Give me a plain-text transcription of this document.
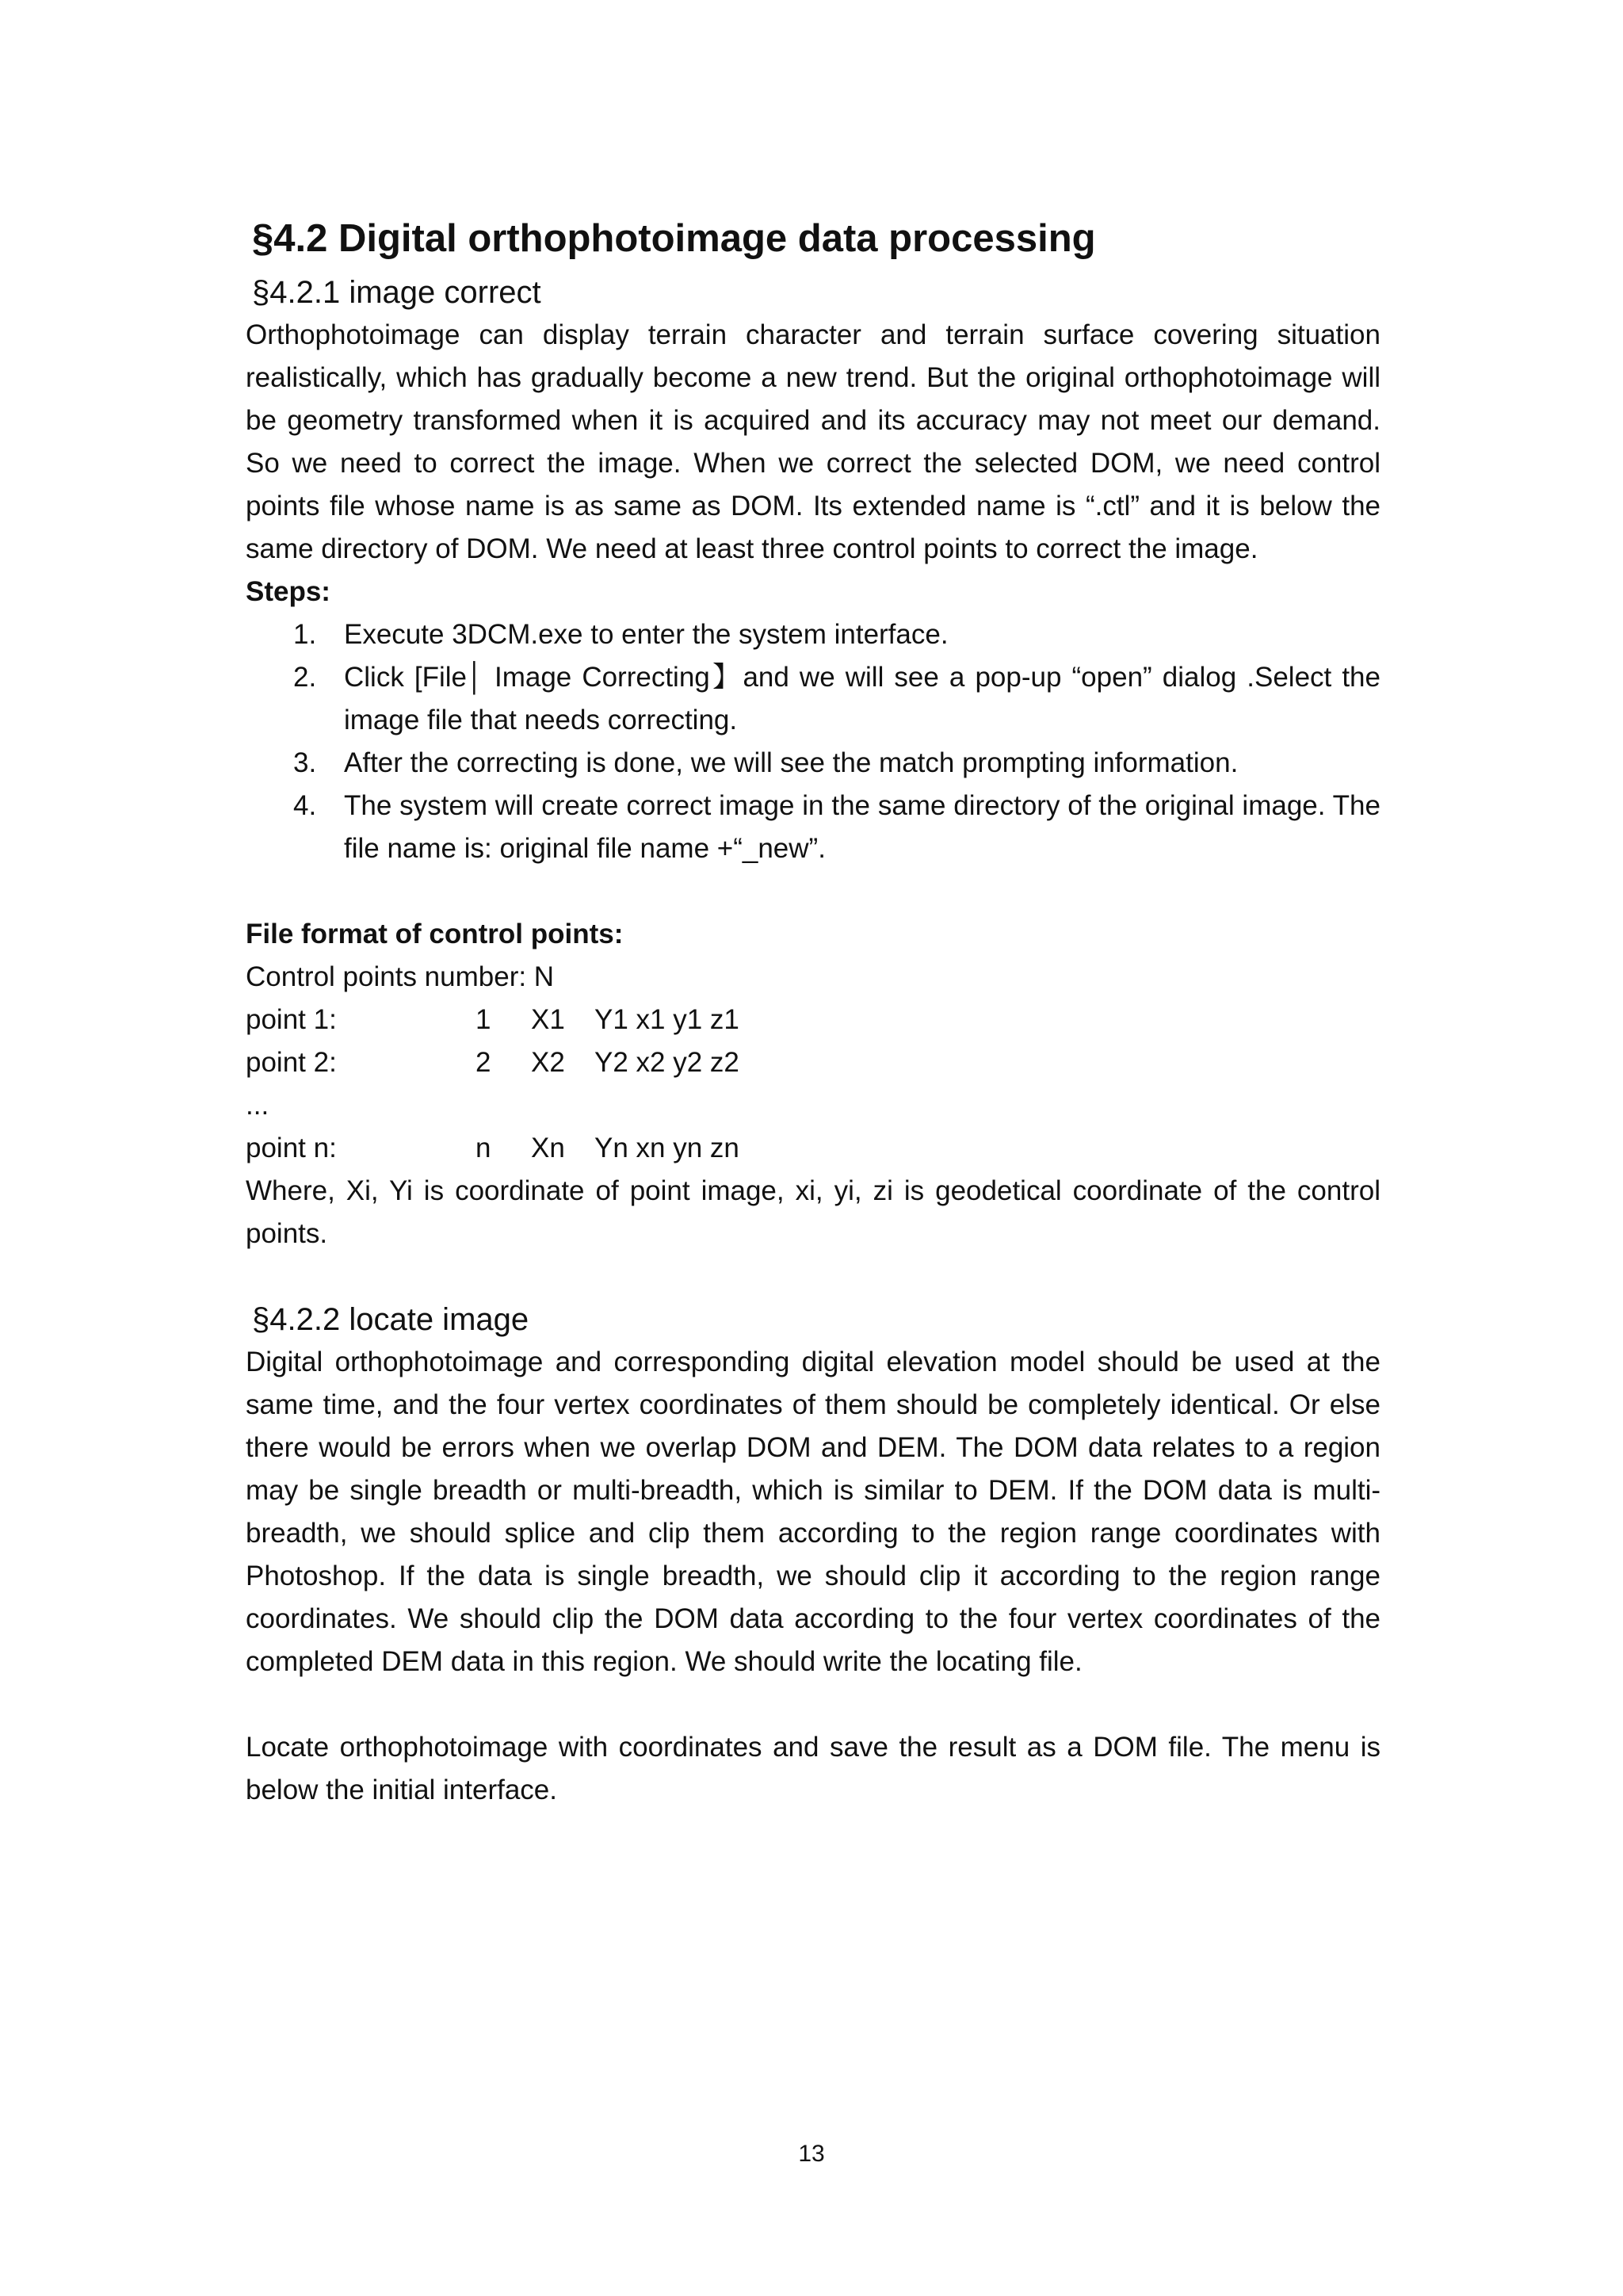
§4.2 Digital orthophotoimage data processing
§4.2.1 image correct

Orthophotoimage can display terrain character and terrain surface covering situation realistically, which has gradually become a new trend. But the original orthophotoimage will be geometry transformed when it is acquired and its accuracy may not meet our demand. So we need to correct the image. When we correct the selected DOM, we need control points file whose name is as same as DOM. Its extended name is “.ctl” and it is below the same directory of DOM. We need at least three control points to correct the image.

Steps:

1. Execute 3DCM.exe to enter the system interface.
2. Click [File│ Image Correcting】and we will see a pop-up “open” dialog .Select the image file that needs correcting.
3. After the correcting is done, we will see the match prompting information.
4. The system will create correct image in the same directory of the original image. The file name is: original file name +“_new”.

File format of control points:

Control points number: N

point 1:	1	X1	Y1 x1 y1 z1
point 2:	2	X2	Y2 x2 y2 z2

...

point n:	n	Xn	Yn xn yn zn

Where, Xi, Yi is coordinate of point image, xi, yi, zi is geodetical coordinate of the control points.

§4.2.2 locate image

Digital orthophotoimage and corresponding digital elevation model should be used at the same time, and the four vertex coordinates of them should be completely identical. Or else there would be errors when we overlap DOM and DEM. The DOM data relates to a region may be single breadth or multi-breadth, which is similar to DEM. If the DOM data is multi-breadth, we should splice and clip them according to the region range coordinates with Photoshop. If the data is single breadth, we should clip it according to the region range coordinates. We should clip the DOM data according to the four vertex coordinates of the completed DEM data in this region. We should write the locating file.

Locate orthophotoimage with coordinates and save the result as a DOM file. The menu is below the initial interface.

13
